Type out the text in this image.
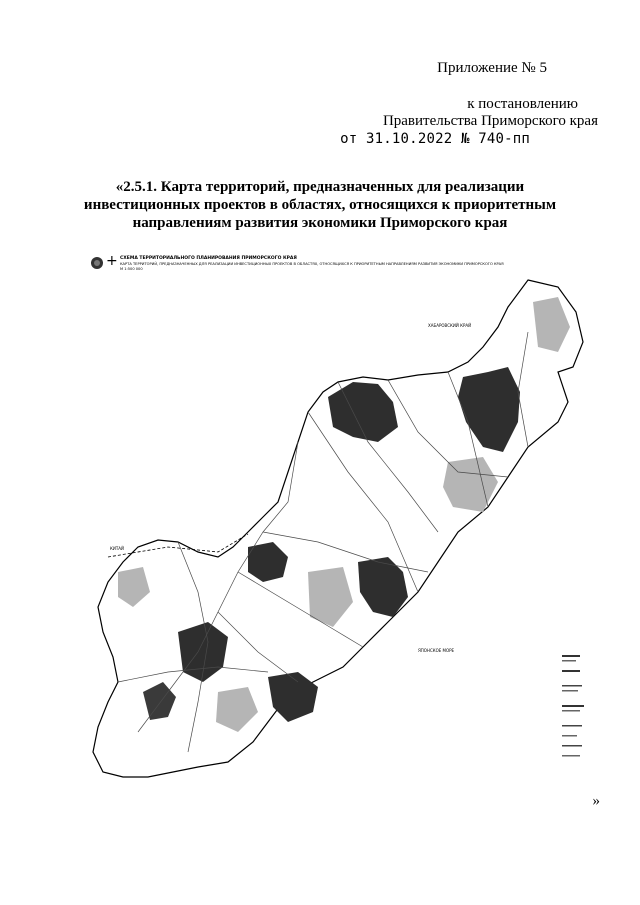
Приложение № 5
к постановлению
Правительства Приморского края
от 31.10.2022 № 740-пп
«2.5.1. Карта территорий, предназначенных для реализации
инвестиционных проектов в областях, относящихся к приоритетным
направлениям развития экономики Приморского края
+ СХЕМА ТЕРРИТОРИАЛЬНОГО ПЛАНИРОВАНИЯ ПРИМОРСКОГО КРАЯ
КАРТА ТЕРРИТОРИЙ, ПРЕДНАЗНАЧЕННЫХ ДЛЯ РЕАЛИЗАЦИИ ИНВЕСТИЦИОННЫХ ПРОЕКТОВ В ОБЛАСТЯХ, ОТНОСЯЩИХСЯ К ПРИОРИТЕТНЫМ НАПРАВЛЕНИЯМ РАЗВИТИЯ ЭКОНОМИКИ ПРИМОРСКОГО КРАЯ
М 1:500 000
ХАБАРОВСКИЙ КРАЙ
КИТАЙ
ЯПОНСКОЕ МОРЕ
»
